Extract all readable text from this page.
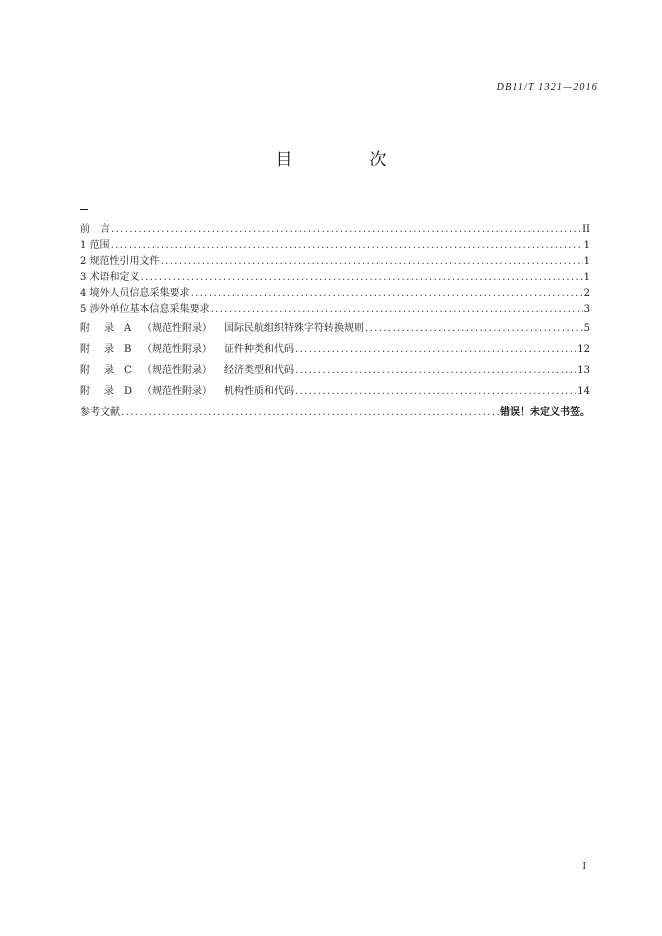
DB11/T 1321—2016
目　次
前　言 .....	II
1 范围 .....	1
2 规范性引用文件 .....	1
3 术语和定义 .....	1
4 境外人员信息采集要求 .....	2
5 涉外单位基本信息采集要求 .....	3
附 录 A （规范性附录） 国际民航组织特殊字符转换规则 .....	5
附 录 B （规范性附录） 证件种类和代码 .....	12
附 录 C （规范性附录） 经济类型和代码 .....	13
附 录 D （规范性附录） 机构性质和代码 .....	14
参考文献 .....	错误！未定义书签。
I
